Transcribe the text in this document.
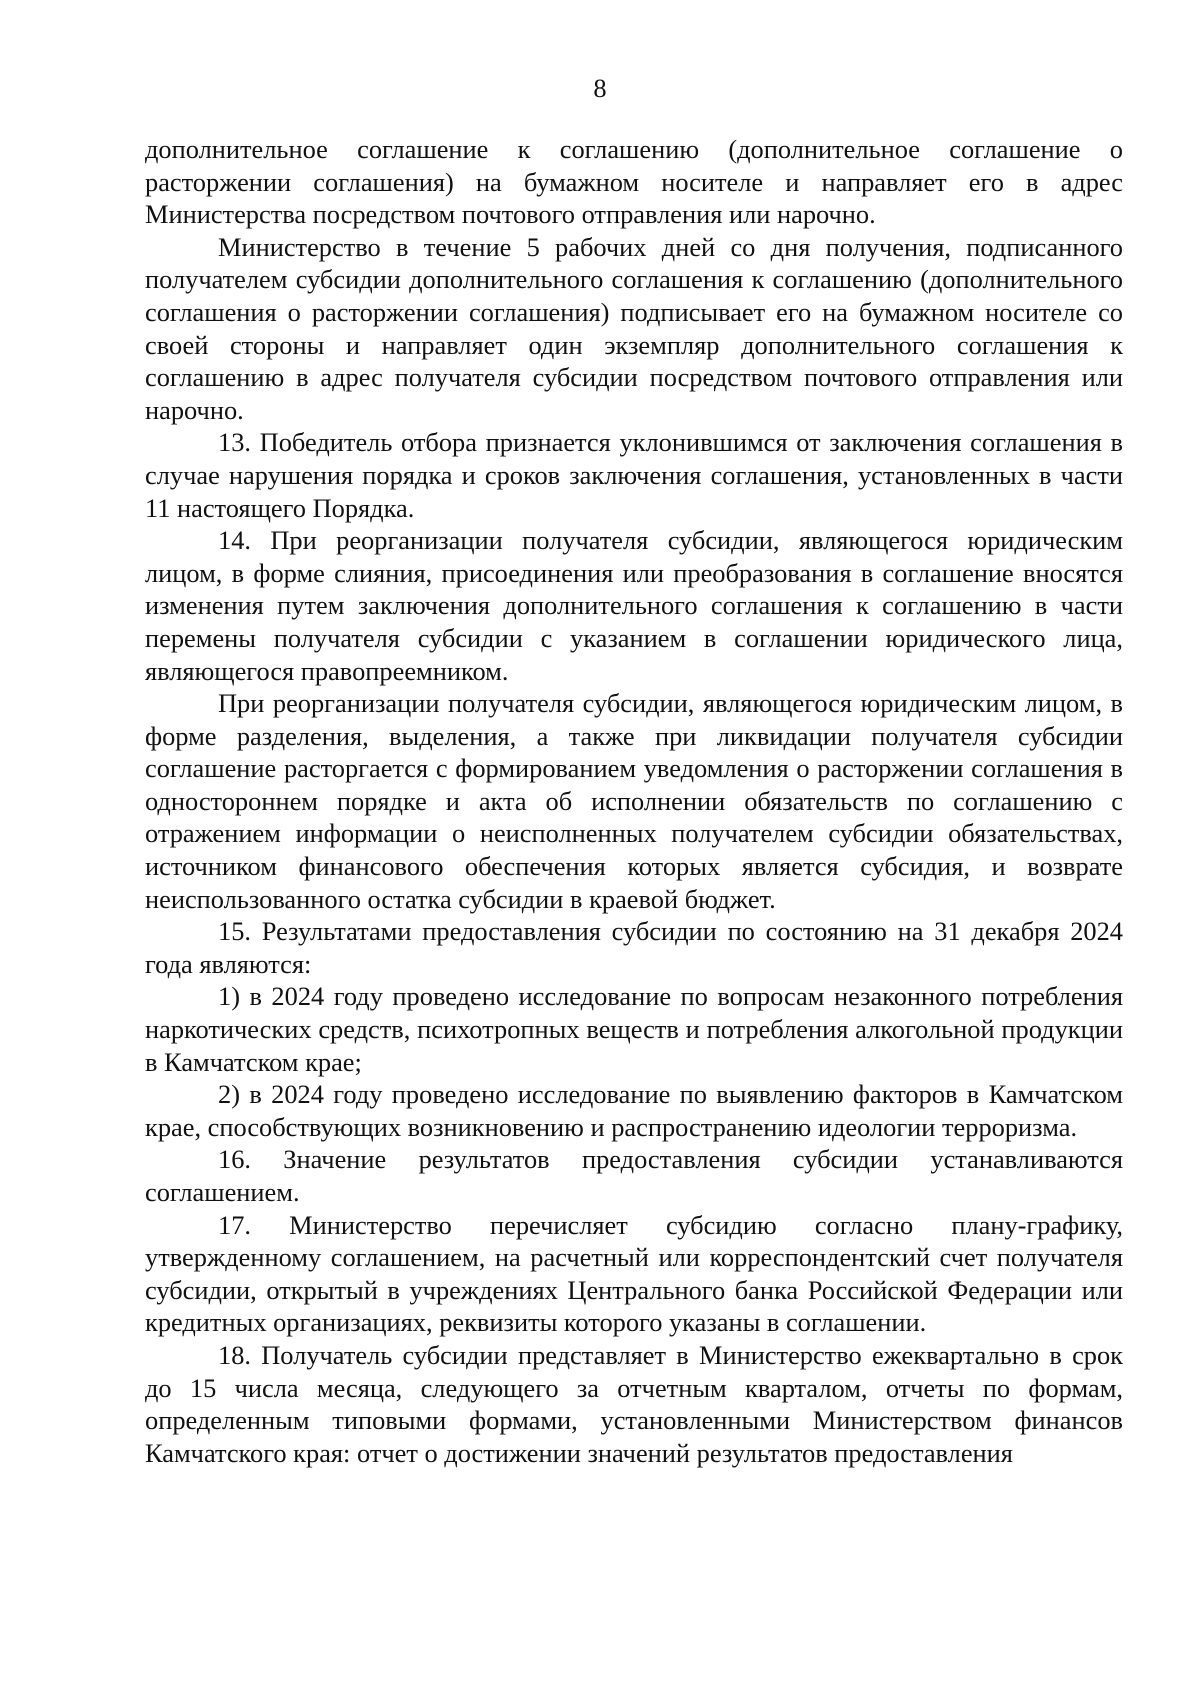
8

дополнительное соглашение к соглашению (дополнительное соглашение о расторжении соглашения) на бумажном носителе и направляет его в адрес Министерства посредством почтового отправления или нарочно.

Министерство в течение 5 рабочих дней со дня получения, подписанного получателем субсидии дополнительного соглашения к соглашению (дополнительного соглашения о расторжении соглашения) подписывает его на бумажном носителе со своей стороны и направляет один экземпляр дополнительного соглашения к соглашению в адрес получателя субсидии посредством почтового отправления или нарочно.

13. Победитель отбора признается уклонившимся от заключения соглашения в случае нарушения порядка и сроков заключения соглашения, установленных в части 11 настоящего Порядка.

14. При реорганизации получателя субсидии, являющегося юридическим лицом, в форме слияния, присоединения или преобразования в соглашение вносятся изменения путем заключения дополнительного соглашения к соглашению в части перемены получателя субсидии с указанием в соглашении юридического лица, являющегося правопреемником.

При реорганизации получателя субсидии, являющегося юридическим лицом, в форме разделения, выделения, а также при ликвидации получателя субсидии соглашение расторгается с формированием уведомления о расторжении соглашения в одностороннем порядке и акта об исполнении обязательств по соглашению с отражением информации о неисполненных получателем субсидии обязательствах, источником финансового обеспечения которых является субсидия, и возврате неиспользованного остатка субсидии в краевой бюджет.

15. Результатами предоставления субсидии по состоянию на 31 декабря 2024 года являются:

1) в 2024 году проведено исследование по вопросам незаконного потребления наркотических средств, психотропных веществ и потребления алкогольной продукции в Камчатском крае;

2) в 2024 году проведено исследование по выявлению факторов в Камчатском крае, способствующих возникновению и распространению идеологии терроризма.

16. Значение результатов предоставления субсидии устанавливаются соглашением.

17. Министерство перечисляет субсидию согласно плану-графику, утвержденному соглашением, на расчетный или корреспондентский счет получателя субсидии, открытый в учреждениях Центрального банка Российской Федерации или кредитных организациях, реквизиты которого указаны в соглашении.

18. Получатель субсидии представляет в Министерство ежеквартально в срок до 15 числа месяца, следующего за отчетным кварталом, отчеты по формам, определенным типовыми формами, установленными Министерством финансов Камчатского края: отчет о достижении значений результатов предоставления
